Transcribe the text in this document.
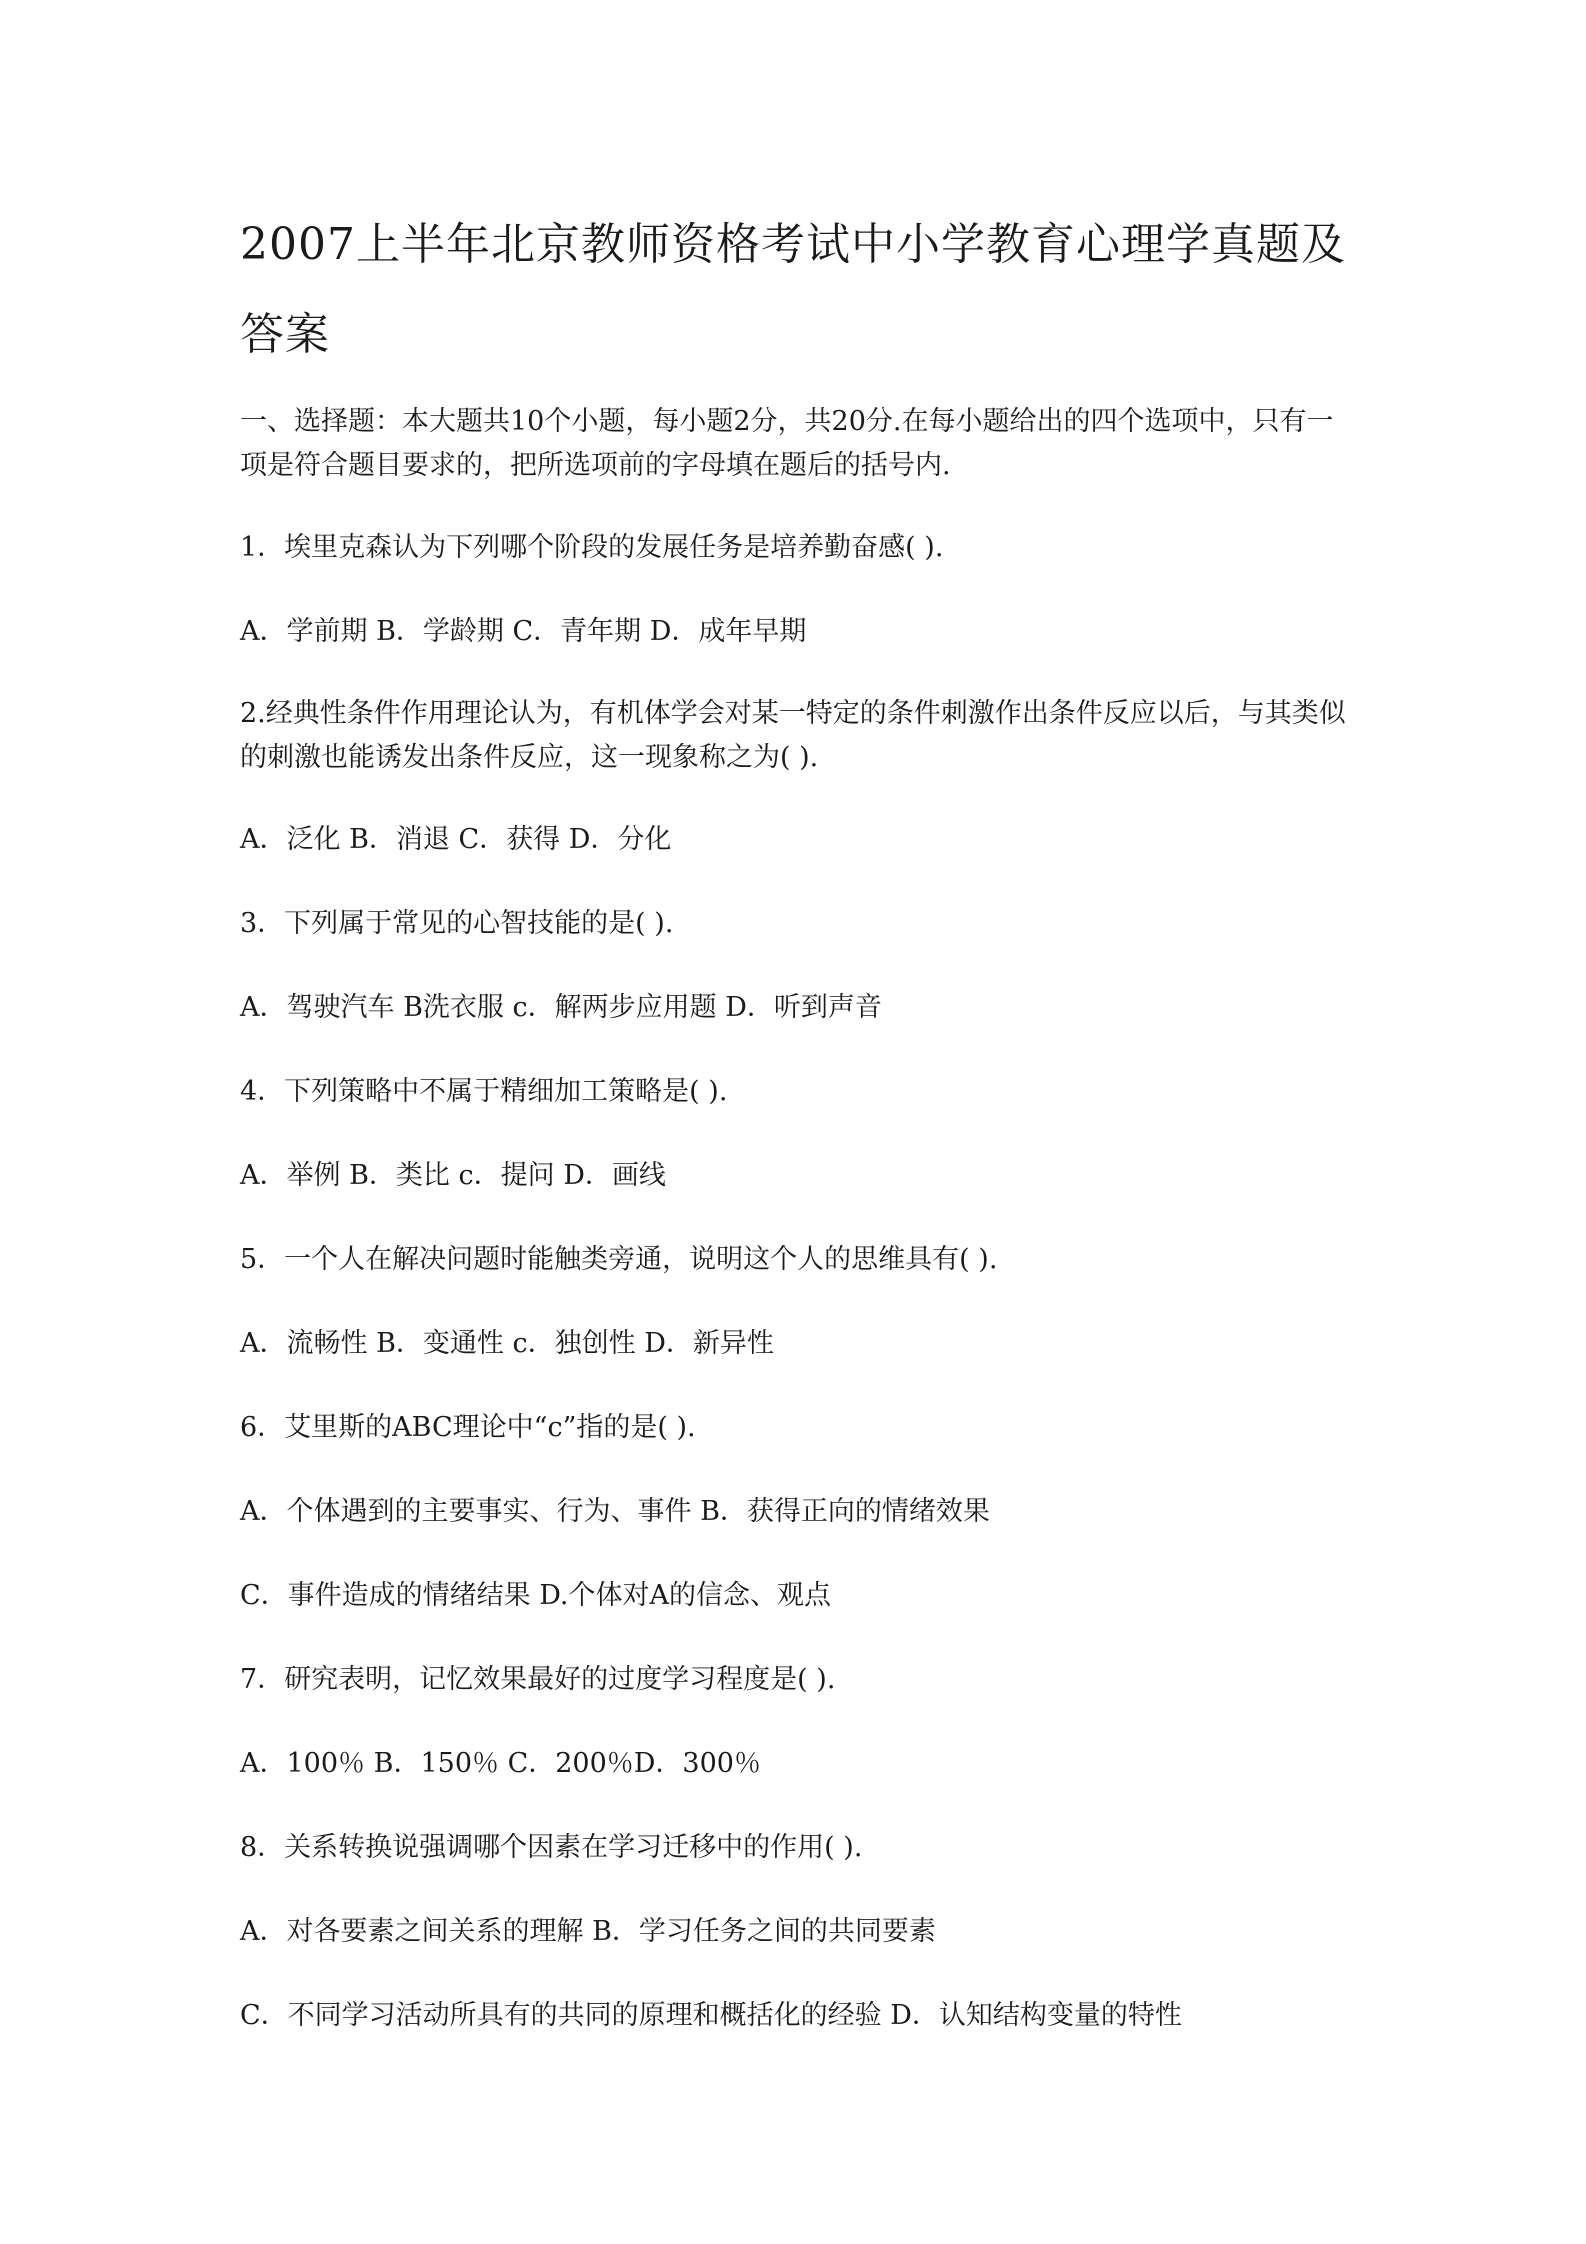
2007上半年北京教师资格考试中小学教育心理学真题及答案

一、选择题：本大题共10个小题，每小题2分，共20分.在每小题给出的四个选项中，只有一项是符合题目要求的，把所选项前的字母填在题后的括号内.

1．埃里克森认为下列哪个阶段的发展任务是培养勤奋感( ).

A．学前期 B．学龄期 C．青年期 D．成年早期

2.经典性条件作用理论认为，有机体学会对某一特定的条件刺激作出条件反应以后，与其类似的刺激也能诱发出条件反应，这一现象称之为( ).

A．泛化 B．消退 C．获得 D．分化

3．下列属于常见的心智技能的是( ).

A．驾驶汽车 B洗衣服 c．解两步应用题 D．听到声音

4．下列策略中不属于精细加工策略是( ).

A．举例 B．类比 c．提问 D．画线

5．一个人在解决问题时能触类旁通，说明这个人的思维具有( ).

A．流畅性 B．变通性 c．独创性 D．新异性

6．艾里斯的ABC理论中“c”指的是( ).

A．个体遇到的主要事实、行为、事件 B．获得正向的情绪效果

C．事件造成的情绪结果 D.个体对A的信念、观点

7．研究表明，记忆效果最好的过度学习程度是( ).

A．100％ B．150％ C．200％D．300％

8．关系转换说强调哪个因素在学习迁移中的作用( ).

A．对各要素之间关系的理解 B．学习任务之间的共同要素

C．不同学习活动所具有的共同的原理和概括化的经验 D．认知结构变量的特性
